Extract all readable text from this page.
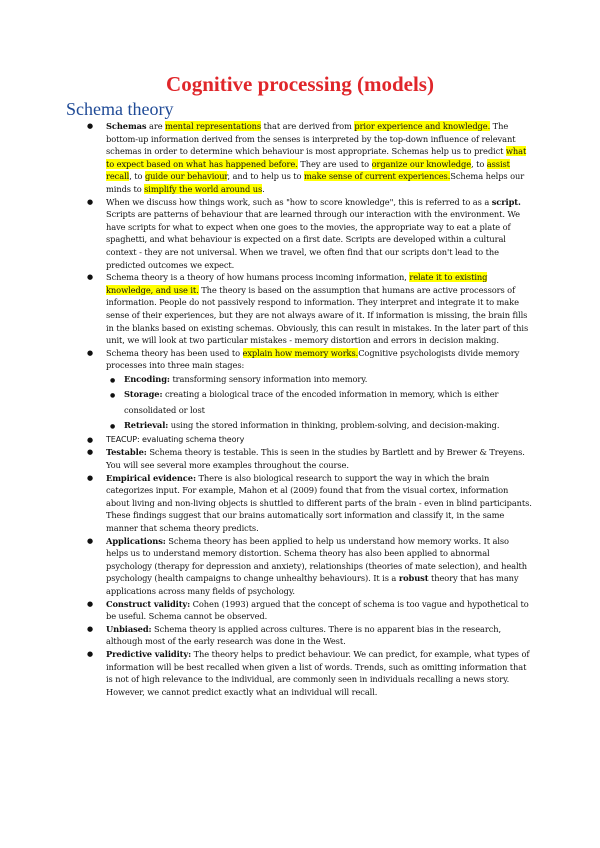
Cognitive processing (models)
Schema theory
● Schemas are mental representations that are derived from prior experience and knowledge. The bottom-up information derived from the senses is interpreted by the top-down influence of relevant schemas in order to determine which behaviour is most appropriate. Schemas help us to predict what to expect based on what has happened before. They are used to organize our knowledge, to assist recall, to guide our behaviour, and to help us to make sense of current experiences.Schema helps our minds to simplify the world around us.
● When we discuss how things work, such as "how to score knowledge", this is referred to as a script. Scripts are patterns of behaviour that are learned through our interaction with the environment. We have scripts for what to expect when one goes to the movies, the appropriate way to eat a plate of spaghetti, and what behaviour is expected on a first date. Scripts are developed within a cultural context - they are not universal. When we travel, we often find that our scripts don't lead to the predicted outcomes we expect.
● Schema theory is a theory of how humans process incoming information, relate it to existing knowledge, and use it. The theory is based on the assumption that humans are active processors of information. People do not passively respond to information. They interpret and integrate it to make sense of their experiences, but they are not always aware of it. If information is missing, the brain fills in the blanks based on existing schemas. Obviously, this can result in mistakes. In the later part of this unit, we will look at two particular mistakes - memory distortion and errors in decision making.
● Schema theory has been used to explain how memory works.Cognitive psychologists divide memory processes into three main stages:
● Encoding: transforming sensory information into memory.
● Storage: creating a biological trace of the encoded information in memory, which is either consolidated or lost
● Retrieval: using the stored information in thinking, problem-solving, and decision-making.
● TEACUP: evaluating schema theory
● Testable: Schema theory is testable. This is seen in the studies by Bartlett and by Brewer & Treyens. You will see several more examples throughout the course.
● Empirical evidence: There is also biological research to support the way in which the brain categorizes input. For example, Mahon et al (2009) found that from the visual cortex, information about living and non-living objects is shuttled to different parts of the brain - even in blind participants. These findings suggest that our brains automatically sort information and classify it, in the same manner that schema theory predicts.
● Applications: Schema theory has been applied to help us understand how memory works. It also helps us to understand memory distortion. Schema theory has also been applied to abnormal psychology (therapy for depression and anxiety), relationships (theories of mate selection), and health psychology (health campaigns to change unhealthy behaviours). It is a robust theory that has many applications across many fields of psychology.
● Construct validity: Cohen (1993) argued that the concept of schema is too vague and hypothetical to be useful. Schema cannot be observed.
● Unbiased: Schema theory is applied across cultures. There is no apparent bias in the research, although most of the early research was done in the West.
● Predictive validity: The theory helps to predict behaviour. We can predict, for example, what types of information will be best recalled when given a list of words. Trends, such as omitting information that is not of high relevance to the individual, are commonly seen in individuals recalling a news story. However, we cannot predict exactly what an individual will recall.
